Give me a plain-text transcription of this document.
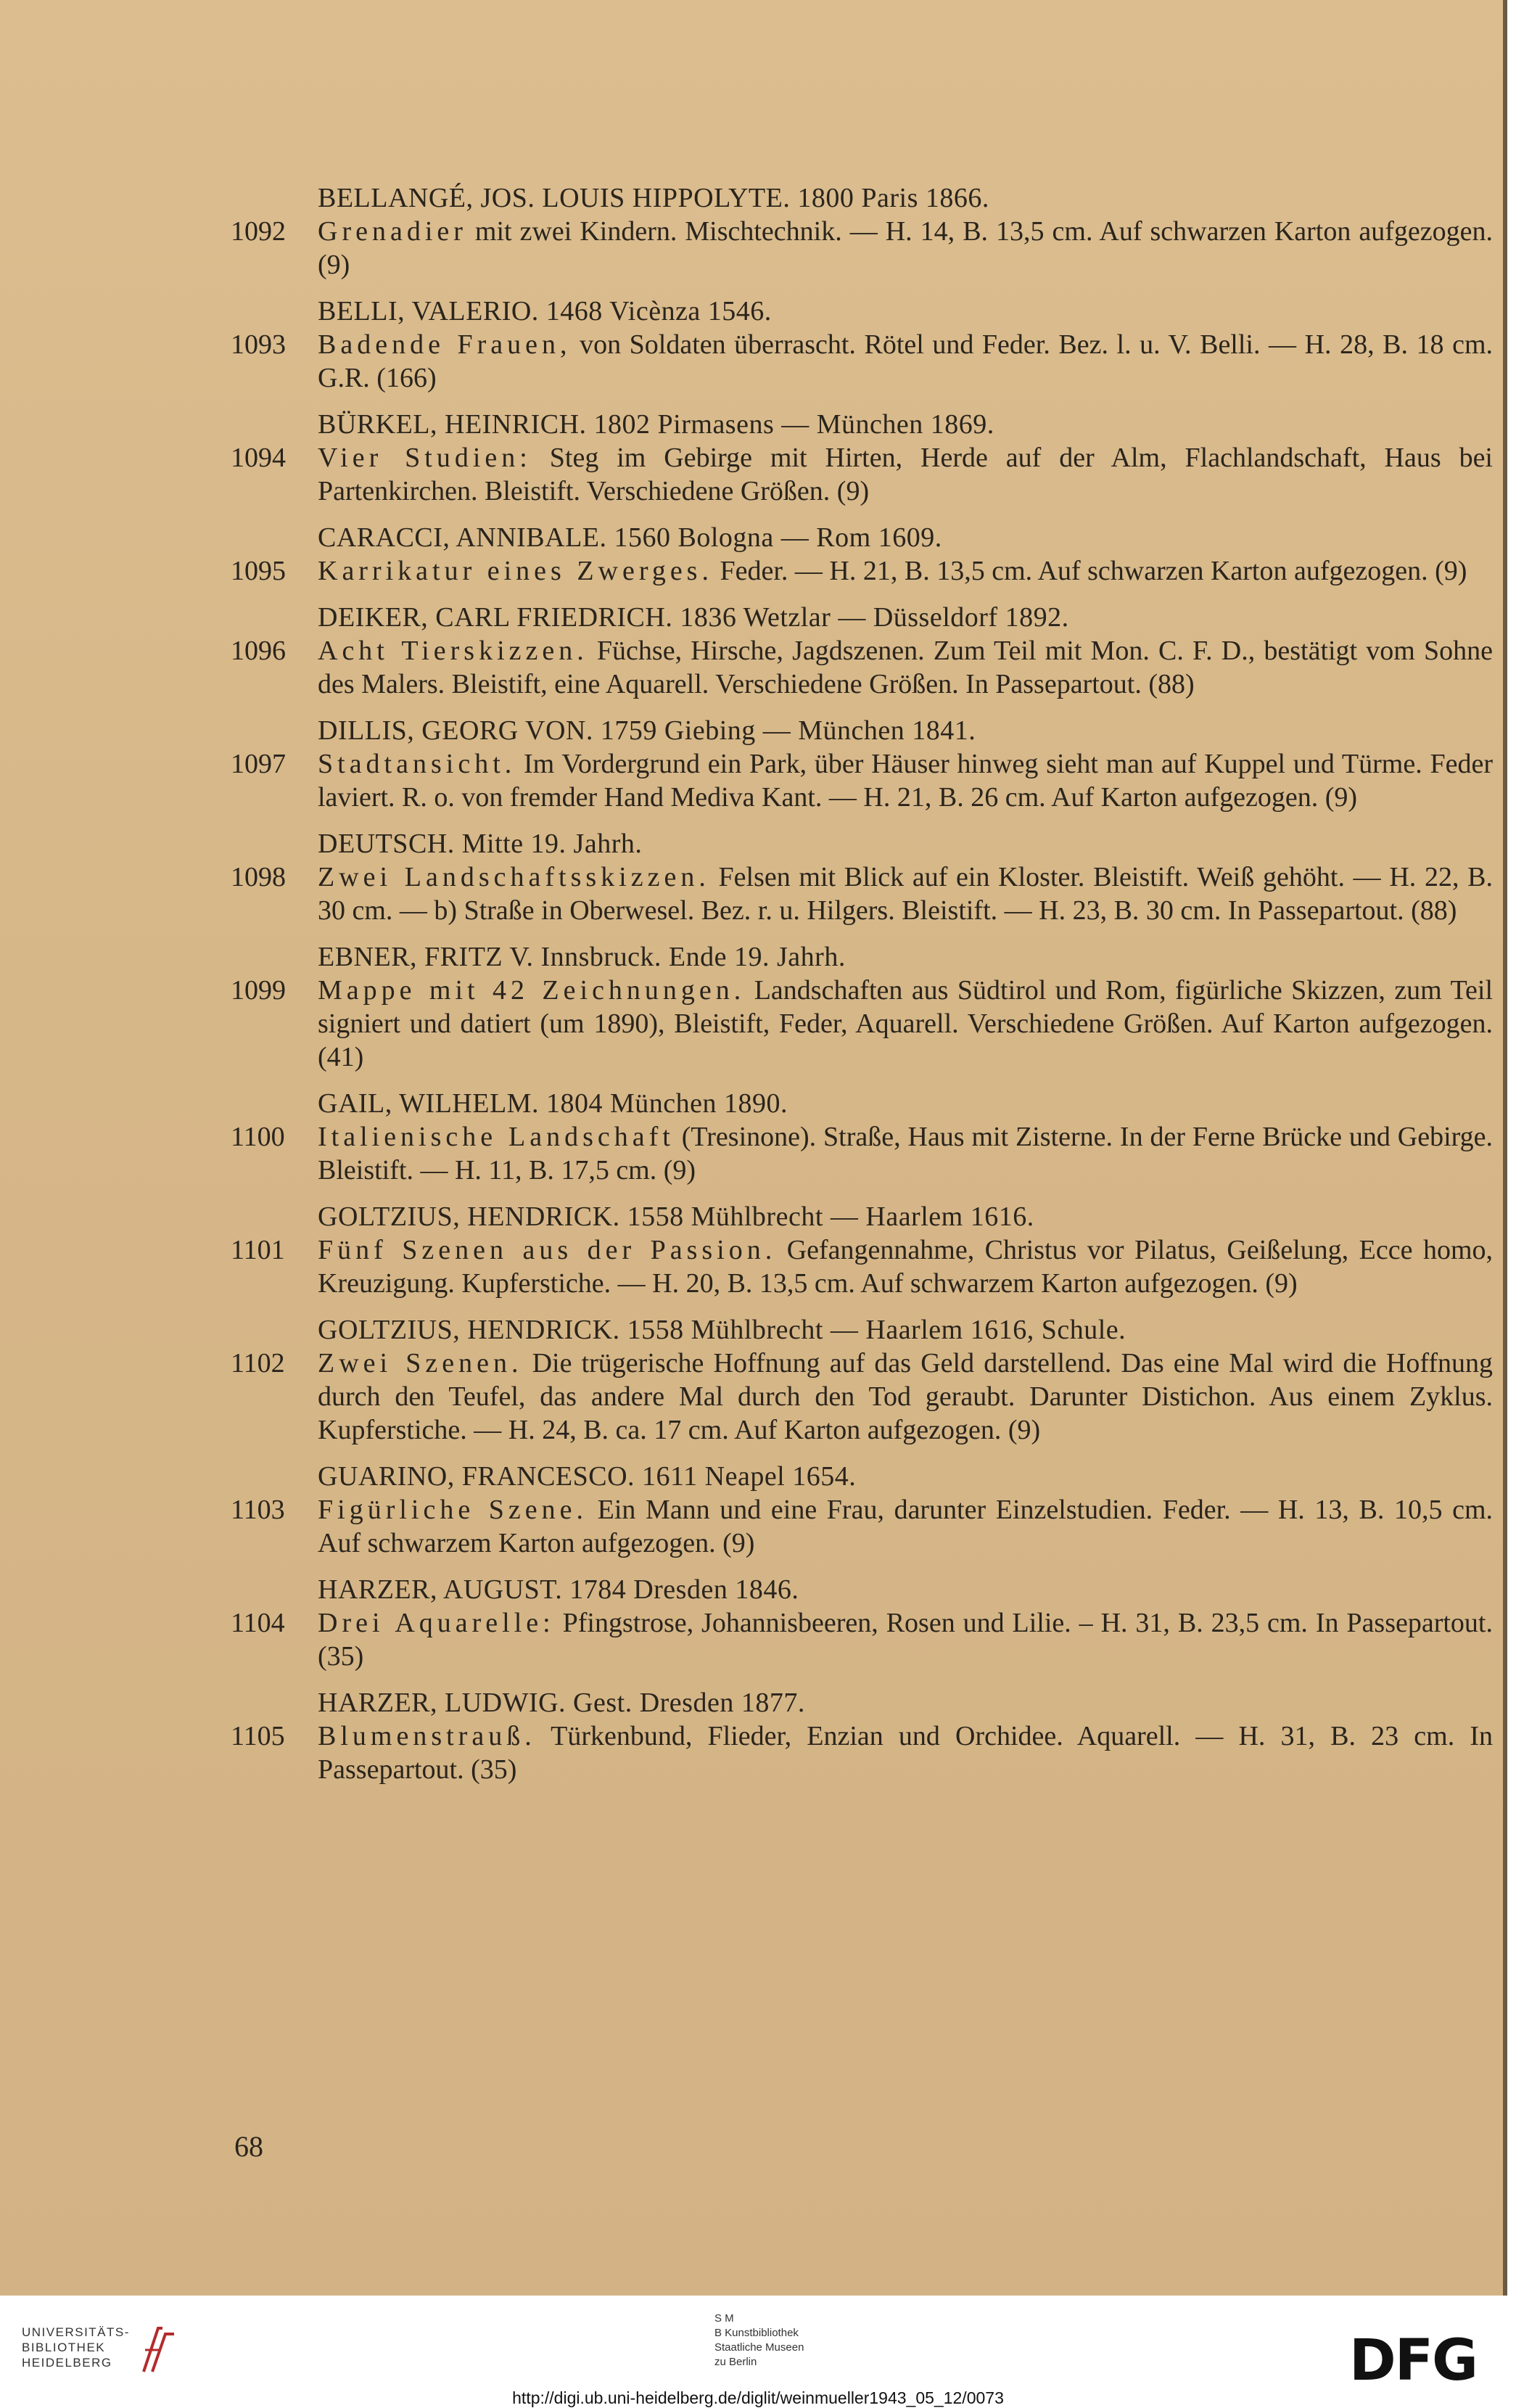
BELLANGÉ, JOS. LOUIS HIPPOLYTE. 1800 Paris 1866.
1092	Grenadier mit zwei Kindern. Mischtechnik. — H. 14, B. 13,5 cm. Auf schwarzen Karton aufgezogen. (9)
BELLI, VALERIO. 1468 Vicènza 1546.
1093	Badende Frauen, von Soldaten überrascht. Rötel und Feder. Bez. l. u. V. Belli. — H. 28, B. 18 cm. G.R. (166)
BÜRKEL, HEINRICH. 1802 Pirmasens — München 1869.
1094	Vier Studien: Steg im Gebirge mit Hirten, Herde auf der Alm, Flachlandschaft, Haus bei Partenkirchen. Bleistift. Verschiedene Größen. (9)
CARACCI, ANNIBALE. 1560 Bologna — Rom 1609.
1095	Karrikatur eines Zwerges. Feder. — H. 21, B. 13,5 cm. Auf schwarzen Karton aufgezogen. (9)
DEIKER, CARL FRIEDRICH. 1836 Wetzlar — Düsseldorf 1892.
1096	Acht Tierskizzen. Füchse, Hirsche, Jagdszenen. Zum Teil mit Mon. C. F. D., bestätigt vom Sohne des Malers. Bleistift, eine Aquarell. Verschiedene Größen. In Passepartout. (88)
DILLIS, GEORG VON. 1759 Giebing — München 1841.
1097	Stadtansicht. Im Vordergrund ein Park, über Häuser hinweg sieht man auf Kuppel und Türme. Feder laviert. R. o. von fremder Hand Mediva Kant. — H. 21, B. 26 cm. Auf Karton aufgezogen. (9)
DEUTSCH. Mitte 19. Jahrh.
1098	Zwei Landschaftsskizzen. Felsen mit Blick auf ein Kloster. Bleistift. Weiß gehöht. — H. 22, B. 30 cm. — b) Straße in Oberwesel. Bez. r. u. Hilgers. Bleistift. — H. 23, B. 30 cm. In Passepartout. (88)
EBNER, FRITZ V. Innsbruck. Ende 19. Jahrh.
1099	Mappe mit 42 Zeichnungen. Landschaften aus Südtirol und Rom, figürliche Skizzen, zum Teil signiert und datiert (um 1890), Bleistift, Feder, Aquarell. Verschiedene Größen. Auf Karton aufgezogen. (41)
GAIL, WILHELM. 1804 München 1890.
1100	Italienische Landschaft (Tresinone). Straße, Haus mit Zisterne. In der Ferne Brücke und Gebirge. Bleistift. — H. 11, B. 17,5 cm. (9)
GOLTZIUS, HENDRICK. 1558 Mühlbrecht — Haarlem 1616.
1101	Fünf Szenen aus der Passion. Gefangennahme, Christus vor Pilatus, Geißelung, Ecce homo, Kreuzigung. Kupferstiche. — H. 20, B. 13,5 cm. Auf schwarzem Karton aufgezogen. (9)
GOLTZIUS, HENDRICK. 1558 Mühlbrecht — Haarlem 1616, Schule.
1102	Zwei Szenen. Die trügerische Hoffnung auf das Geld darstellend. Das eine Mal wird die Hoffnung durch den Teufel, das andere Mal durch den Tod geraubt. Darunter Distichon. Aus einem Zyklus. Kupferstiche. — H. 24, B. ca. 17 cm. Auf Karton aufgezogen. (9)
GUARINO, FRANCESCO. 1611 Neapel 1654.
1103	Figürliche Szene. Ein Mann und eine Frau, darunter Einzelstudien. Feder. — H. 13, B. 10,5 cm. Auf schwarzem Karton aufgezogen. (9)
HARZER, AUGUST. 1784 Dresden 1846.
1104	Drei Aquarelle: Pfingstrose, Johannisbeeren, Rosen und Lilie. – H. 31, B. 23,5 cm. In Passepartout. (35)
HARZER, LUDWIG. Gest. Dresden 1877.
1105	Blumenstrauß. Türkenbund, Flieder, Enzian und Orchidee. Aquarell. — H. 31, B. 23 cm. In Passepartout. (35)
68
UNIVERSITÄTS-
BIBLIOTHEK
HEIDELBERG
S M
B Kunstbibliothek
Staatliche Museen
zu Berlin	DFG
http://digi.ub.uni-heidelberg.de/diglit/weinmueller1943_05_12/0073
